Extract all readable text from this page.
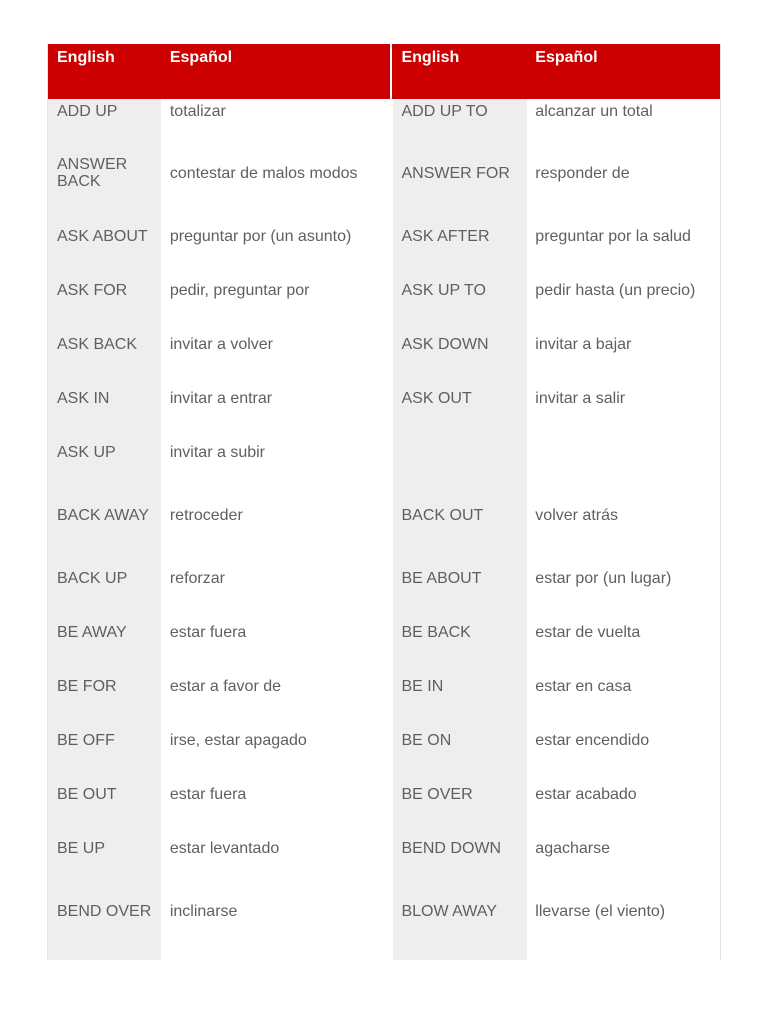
English	Español	English	Español
ADD UP	totalizar	ADD UP TO	alcanzar un total
ANSWER BACK	contestar de malos modos	ANSWER FOR	responder de
ASK ABOUT	preguntar por (un asunto)	ASK AFTER	preguntar por la salud
ASK FOR	pedir, preguntar por	ASK UP TO	pedir hasta (un precio)
ASK BACK	invitar a volver	ASK DOWN	invitar a bajar
ASK IN	invitar a entrar	ASK OUT	invitar a salir
ASK UP	invitar a subir
BACK AWAY	retroceder	BACK OUT	volver atrás
BACK UP	reforzar	BE ABOUT	estar por (un lugar)
BE AWAY	estar fuera	BE BACK	estar de vuelta
BE FOR	estar a favor de	BE IN	estar en casa
BE OFF	irse, estar apagado	BE ON	estar encendido
BE OUT	estar fuera	BE OVER	estar acabado
BE UP	estar levantado	BEND DOWN	agacharse
BEND OVER	inclinarse	BLOW AWAY	llevarse (el viento)
